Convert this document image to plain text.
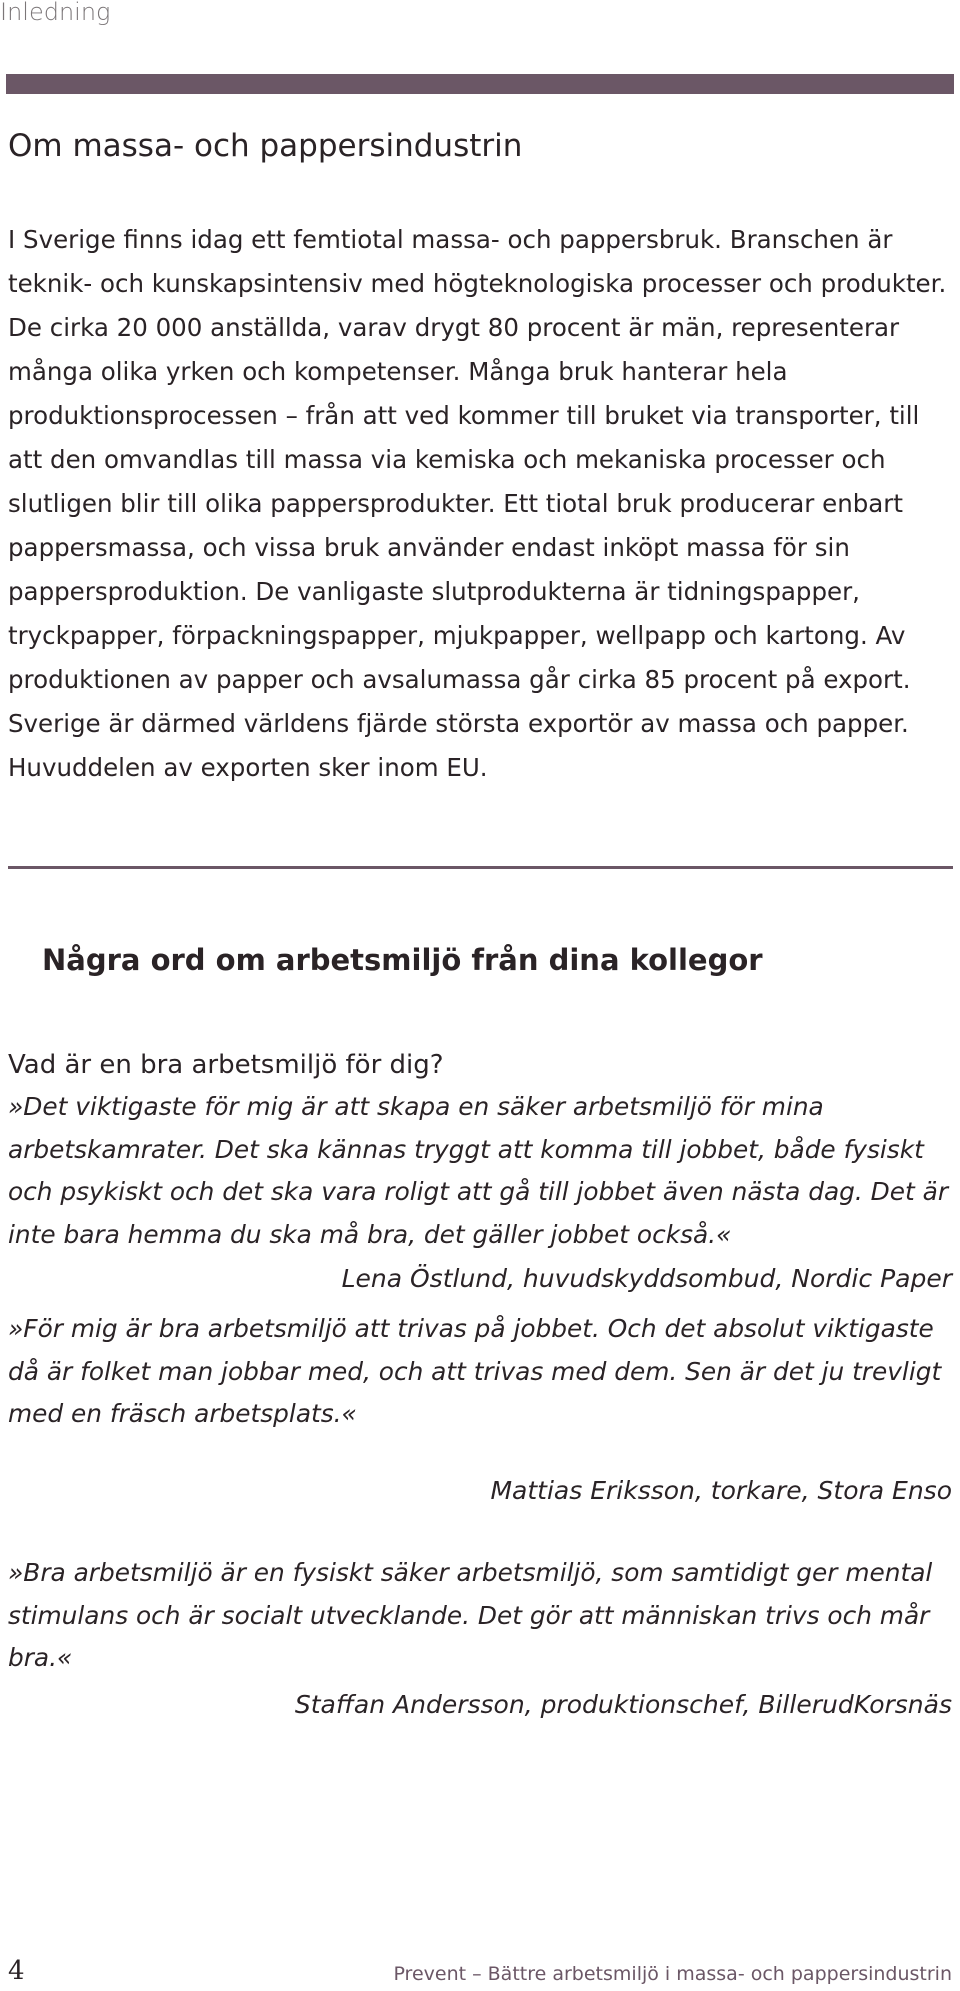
Inledning
Om massa- och pappersindustrin

I Sverige finns idag ett femtiotal massa- och pappersbruk. Branschen är teknik- och kunskapsintensiv med högteknologiska processer och produkter. De cirka 20 000 anställda, varav drygt 80 procent är män, representerar många olika yrken och kompetenser. Många bruk hanterar hela produktionsprocessen – från att ved kommer till bruket via transporter, till att den omvandlas till massa via kemiska och mekaniska processer och slutligen blir till olika pappersprodukter. Ett tiotal bruk producerar enbart pappersmassa, och vissa bruk använder endast inköpt massa för sin pappersproduktion. De vanligaste slutprodukterna är tidningspapper, tryckpapper, förpackningspapper, mjukpapper, wellpapp och kartong. Av produktionen av papper och avsalumassa går cirka 85 procent på export. Sverige är därmed världens fjärde största exportör av massa och papper. Huvuddelen av exporten sker inom EU.

Några ord om arbetsmiljö från dina kollegor
Vad är en bra arbetsmiljö för dig?

»Det viktigaste för mig är att skapa en säker arbetsmiljö för mina arbetskamrater. Det ska kännas tryggt att komma till jobbet, både fysiskt och psykiskt och det ska vara roligt att gå till jobbet även nästa dag. Det är inte bara hemma du ska må bra, det gäller jobbet också.«

Lena Östlund, huvudskyddsombud, Nordic Paper

»För mig är bra arbetsmiljö att trivas på jobbet. Och det absolut viktigaste då är folket man jobbar med, och att trivas med dem. Sen är det ju trevligt med en fräsch arbetsplats.«

Mattias Eriksson, torkare, Stora Enso

»Bra arbetsmiljö är en fysiskt säker arbetsmiljö, som samtidigt ger mental stimulans och är socialt utvecklande. Det gör att människan trivs och mår bra.«

Staffan Andersson, produktionschef, BillerudKorsnäs

4	Prevent – Bättre arbetsmiljö i massa- och pappersindustrin
